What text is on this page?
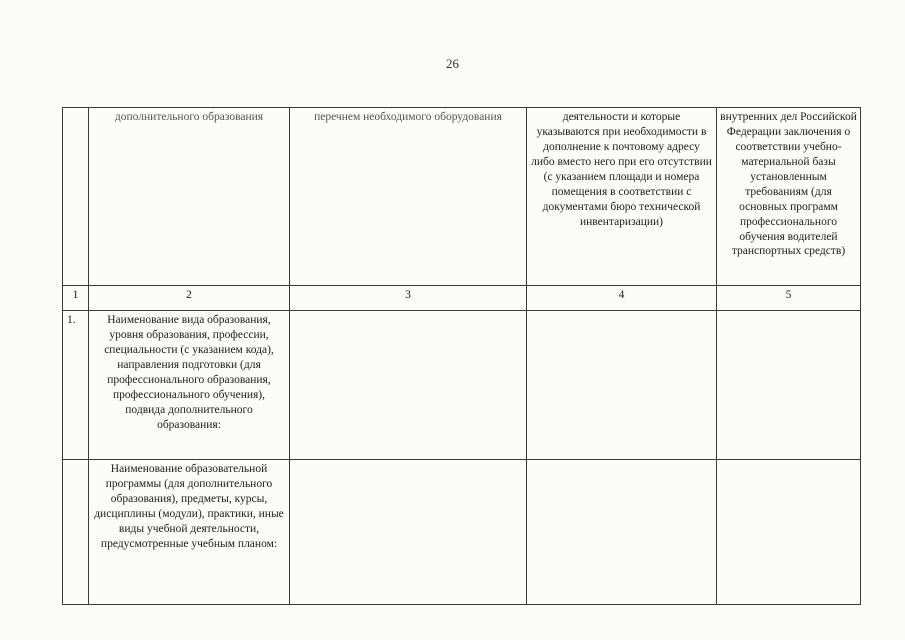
26
	дополнительного образования	перечнем необходимого оборудования	деятельности и которые указываются при необходимости в дополнение к почтовому адресу либо вместо него при его отсутствии (с указанием площади и номера помещения в соответствии с документами бюро технической инвентаризации)	внутренних дел Российской Федерации заключения о соответствии учебно-материальной базы установленным требованиям (для основных программ профессионального обучения водителей транспортных средств)
1	2	3	4	5
1.	Наименование вида образования, уровня образования, профессии, специальности (с указанием кода), направления подготовки (для профессионального образования, профессионального обучения), подвида дополнительного образования:			
	Наименование образовательной программы (для дополнительного образования), предметы, курсы, дисциплины (модули), практики, иные виды учебной деятельности, предусмотренные учебным планом:			
